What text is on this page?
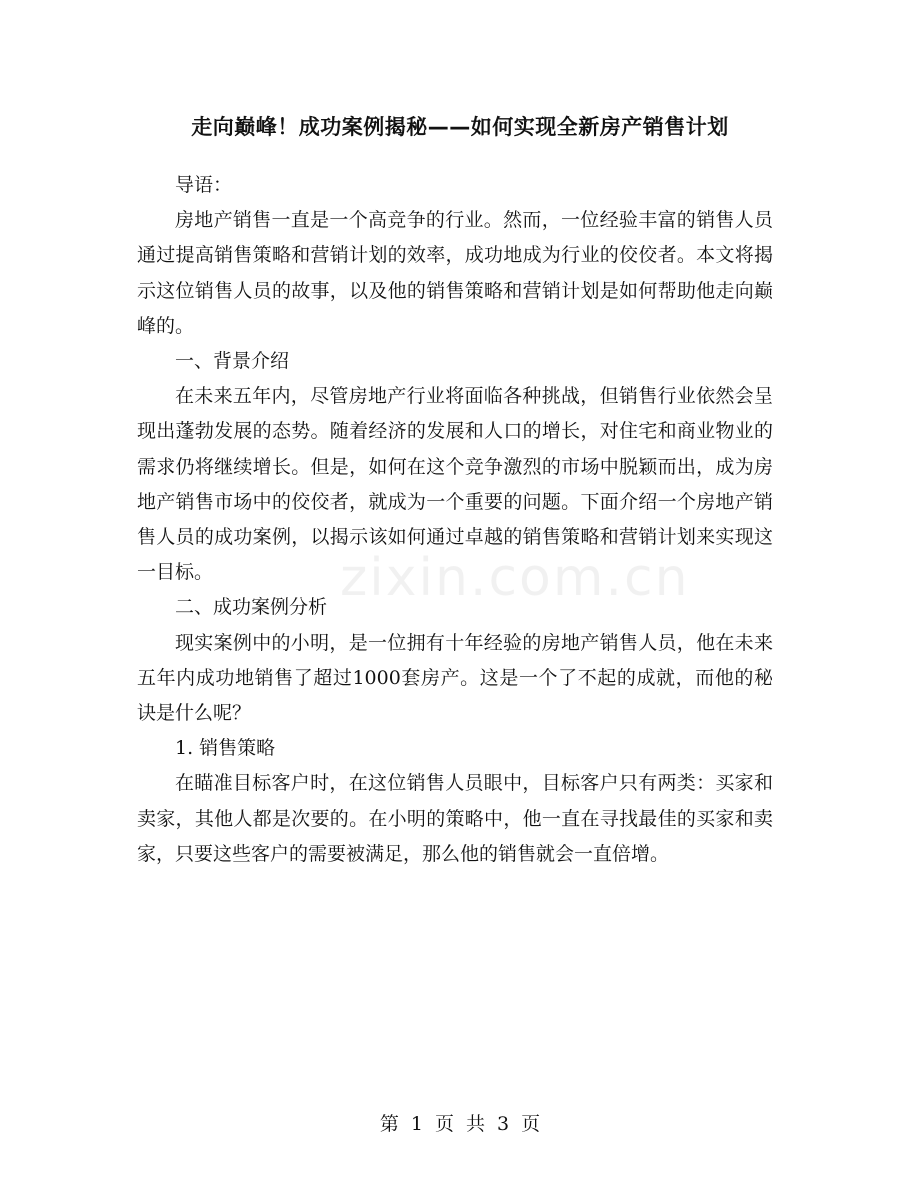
走向巅峰！成功案例揭秘——如何实现全新房产销售计划
zixin.com.cn

导语：

房地产销售一直是一个高竞争的行业。然而，一位经验丰富的销售人员通过提高销售策略和营销计划的效率，成功地成为行业的佼佼者。本文将揭示这位销售人员的故事，以及他的销售策略和营销计划是如何帮助他走向巅峰的。

一、背景介绍

在未来五年内，尽管房地产行业将面临各种挑战，但销售行业依然会呈现出蓬勃发展的态势。随着经济的发展和人口的增长，对住宅和商业物业的需求仍将继续增长。但是，如何在这个竞争激烈的市场中脱颖而出，成为房地产销售市场中的佼佼者，就成为一个重要的问题。下面介绍一个房地产销售人员的成功案例，以揭示该如何通过卓越的销售策略和营销计划来实现这一目标。

二、成功案例分析

现实案例中的小明，是一位拥有十年经验的房地产销售人员，他在未来五年内成功地销售了超过1000套房产。这是一个了不起的成就，而他的秘诀是什么呢？

1. 销售策略

在瞄准目标客户时，在这位销售人员眼中，目标客户只有两类：买家和卖家，其他人都是次要的。在小明的策略中，他一直在寻找最佳的买家和卖家，只要这些客户的需要被满足，那么他的销售就会一直倍增。

第 1 页 共 3 页
